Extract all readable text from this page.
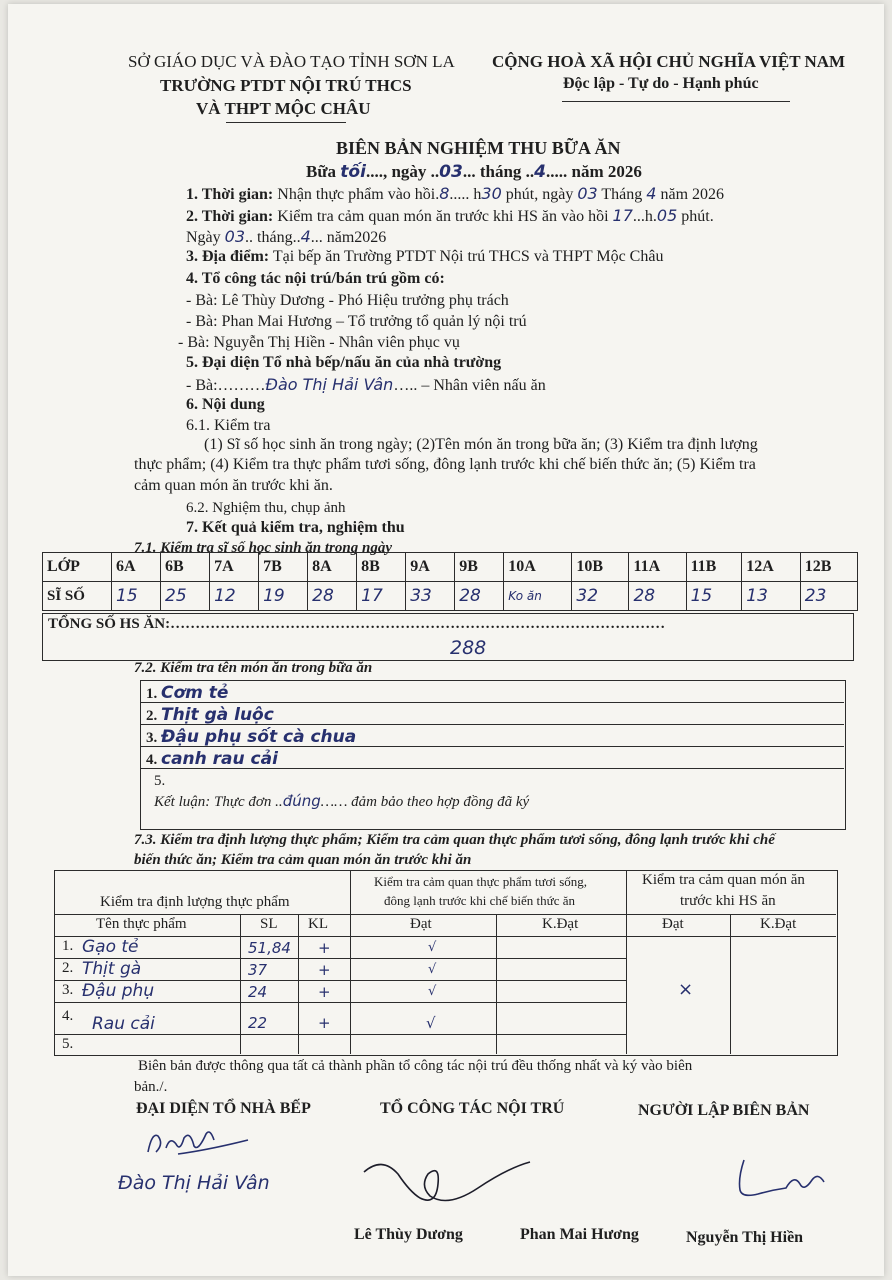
SỞ GIÁO DỤC VÀ ĐÀO TẠO TỈNH SƠN LA
TRƯỜNG PTDT NỘI TRÚ THCS
VÀ THPT MỘC CHÂU
CỘNG HOÀ XÃ HỘI CHỦ NGHĨA VIỆT NAM
Độc lập - Tự do - Hạnh phúc
BIÊN BẢN NGHIỆM THU BỮA ĂN
Bữa tối...., ngày ..03... tháng ..4..... năm 2026
1. Thời gian: Nhận thực phẩm vào hồi.8..... h30 phút, ngày 03 Tháng 4 năm 2026
2. Thời gian: Kiểm tra cảm quan món ăn trước khi HS ăn vào hồi 17...h.05 phút.
Ngày 03.. tháng..4... năm2026
3. Địa điểm: Tại bếp ăn Trường PTDT Nội trú THCS và THPT Mộc Châu
4. Tổ công tác nội trú/bán trú gồm có:
- Bà: Lê Thùy Dương - Phó Hiệu trưởng phụ trách
- Bà: Phan Mai Hương – Tổ trưởng tổ quản lý nội trú
- Bà: Nguyễn Thị Hiền - Nhân viên phục vụ
5. Đại diện Tổ nhà bếp/nấu ăn của nhà trường
- Bà:………Đào Thị Hải Vân….. – Nhân viên nấu ăn
6. Nội dung
6.1. Kiểm tra
(1) Sĩ số học sinh ăn trong ngày; (2)Tên món ăn trong bữa ăn; (3) Kiểm tra định lượng
thực phẩm; (4) Kiểm tra thực phẩm tươi sống, đông lạnh trước khi chế biến thức ăn; (5) Kiểm tra
cảm quan món ăn trước khi ăn.
6.2. Nghiệm thu, chụp ảnh
7. Kết quả kiểm tra, nghiệm thu
7.1. Kiểm tra sĩ số học sinh ăn trong ngày
LỚP	6A	6B	7A	7B	8A	8B	9A	9B	10A	10B	11A	11B	12A	12B
SĨ SỐ	15	25	12	19	28	17	33	28	Ko ăn	32	28	15	13	23
TỔNG SỐ HS ĂN:………………………………………………………………………………………
288
7.2. Kiểm tra tên món ăn trong bữa ăn
1. Cơm tẻ
2. Thịt gà luộc
3. Đậu phụ sốt cà chua
4. canh rau cải
5.
Kết luận: Thực đơn ..đúng…… đảm bảo theo hợp đồng đã ký
7.3. Kiểm tra định lượng thực phẩm; Kiểm tra cảm quan thực phẩm tươi sống, đông lạnh trước khi chế
biến thức ăn; Kiểm tra cảm quan món ăn trước khi ăn
Kiểm tra định lượng thực phẩm
Kiểm tra cảm quan thực phẩm tươi sống,
đông lạnh trước khi chế biến thức ăn
Kiểm tra cảm quan món ăn
trước khi HS ăn
Tên thực phẩm	SL KL	Đạt	K.Đạt	Đạt	K.Đạt
1. Gạo tẻ	51,84 +	√
2. Thịt gà	37	+	√
3. Đậu phụ	24	+	√
4. Rau cải	22	+	√
5.
×
Biên bản được thông qua tất cả thành phần tổ công tác nội trú đều thống nhất và ký vào biên
bản./.
ĐẠI DIỆN TỔ NHÀ BẾP	TỔ CÔNG TÁC NỘI TRÚ	NGƯỜI LẬP BIÊN BẢN
Đào Thị Hải Vân
Lê Thùy Dương	Phan Mai Hương	Nguyễn Thị Hiền
